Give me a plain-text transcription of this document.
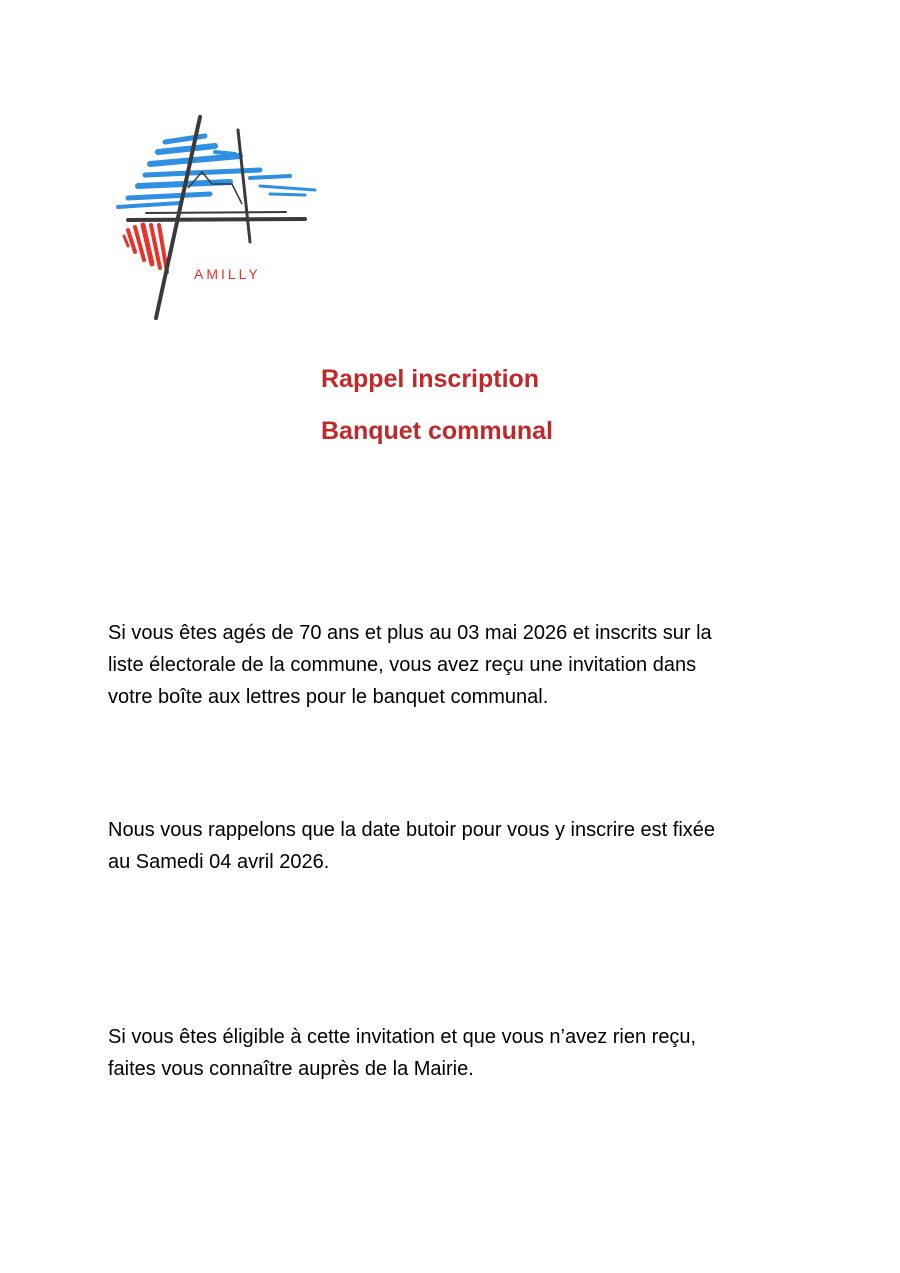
AMILLY
Rappel inscription
Banquet communal
Si vous êtes agés de 70 ans et plus au 03 mai 2026 et inscrits sur la
liste électorale de la commune, vous avez reçu une invitation dans
votre boîte aux lettres pour le banquet communal.
Nous vous rappelons que la date butoir pour vous y inscrire est fixée
au Samedi 04 avril 2026.
Si vous êtes éligible à cette invitation et que vous n’avez rien reçu,
faites vous connaître auprès de la Mairie.
